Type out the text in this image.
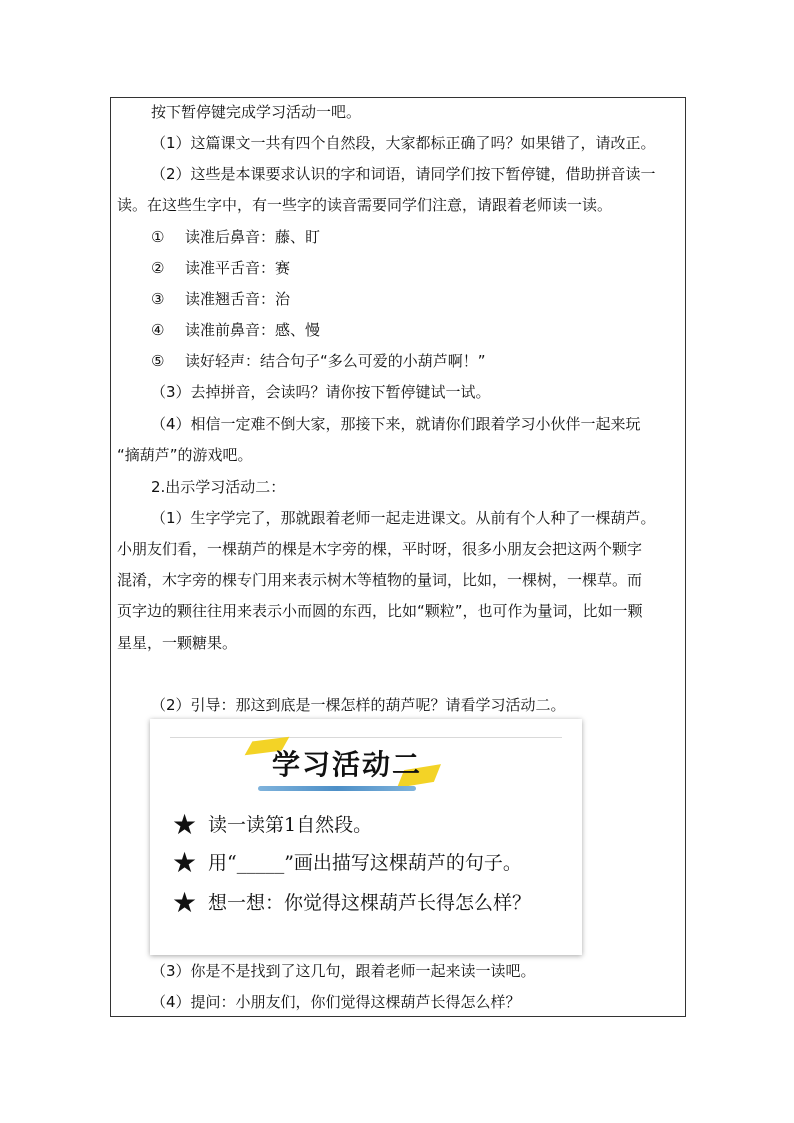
按下暂停键完成学习活动一吧。
（1）这篇课文一共有四个自然段，大家都标正确了吗？如果错了，请改正。
（2）这些是本课要求认识的字和词语，请同学们按下暂停键，借助拼音读一
读。在这些生字中，有一些字的读音需要同学们注意，请跟着老师读一读。
① 读准后鼻音：藤、盯
② 读准平舌音：赛
③ 读准翘舌音：治
④ 读准前鼻音：感、慢
⑤ 读好轻声：结合句子“多么可爱的小葫芦啊！”
（3）去掉拼音，会读吗？请你按下暂停键试一试。
（4）相信一定难不倒大家，那接下来，就请你们跟着学习小伙伴一起来玩
“摘葫芦”的游戏吧。
2.出示学习活动二：
（1）生字学完了，那就跟着老师一起走进课文。从前有个人种了一棵葫芦。
小朋友们看，一棵葫芦的棵是木字旁的棵，平时呀，很多小朋友会把这两个颗字
混淆，木字旁的棵专门用来表示树木等植物的量词，比如，一棵树，一棵草。而
页字边的颗往往用来表示小而圆的东西，比如“颗粒”，也可作为量词，比如一颗
星星，一颗糖果。
（2）引导：那这到底是一棵怎样的葫芦呢？请看学习活动二。
学习活动二
★ 读一读第1自然段。
★ 用“_____”画出描写这棵葫芦的句子。
★ 想一想：你觉得这棵葫芦长得怎么样？
（3）你是不是找到了这几句，跟着老师一起来读一读吧。
（4）提问：小朋友们，你们觉得这棵葫芦长得怎么样？
